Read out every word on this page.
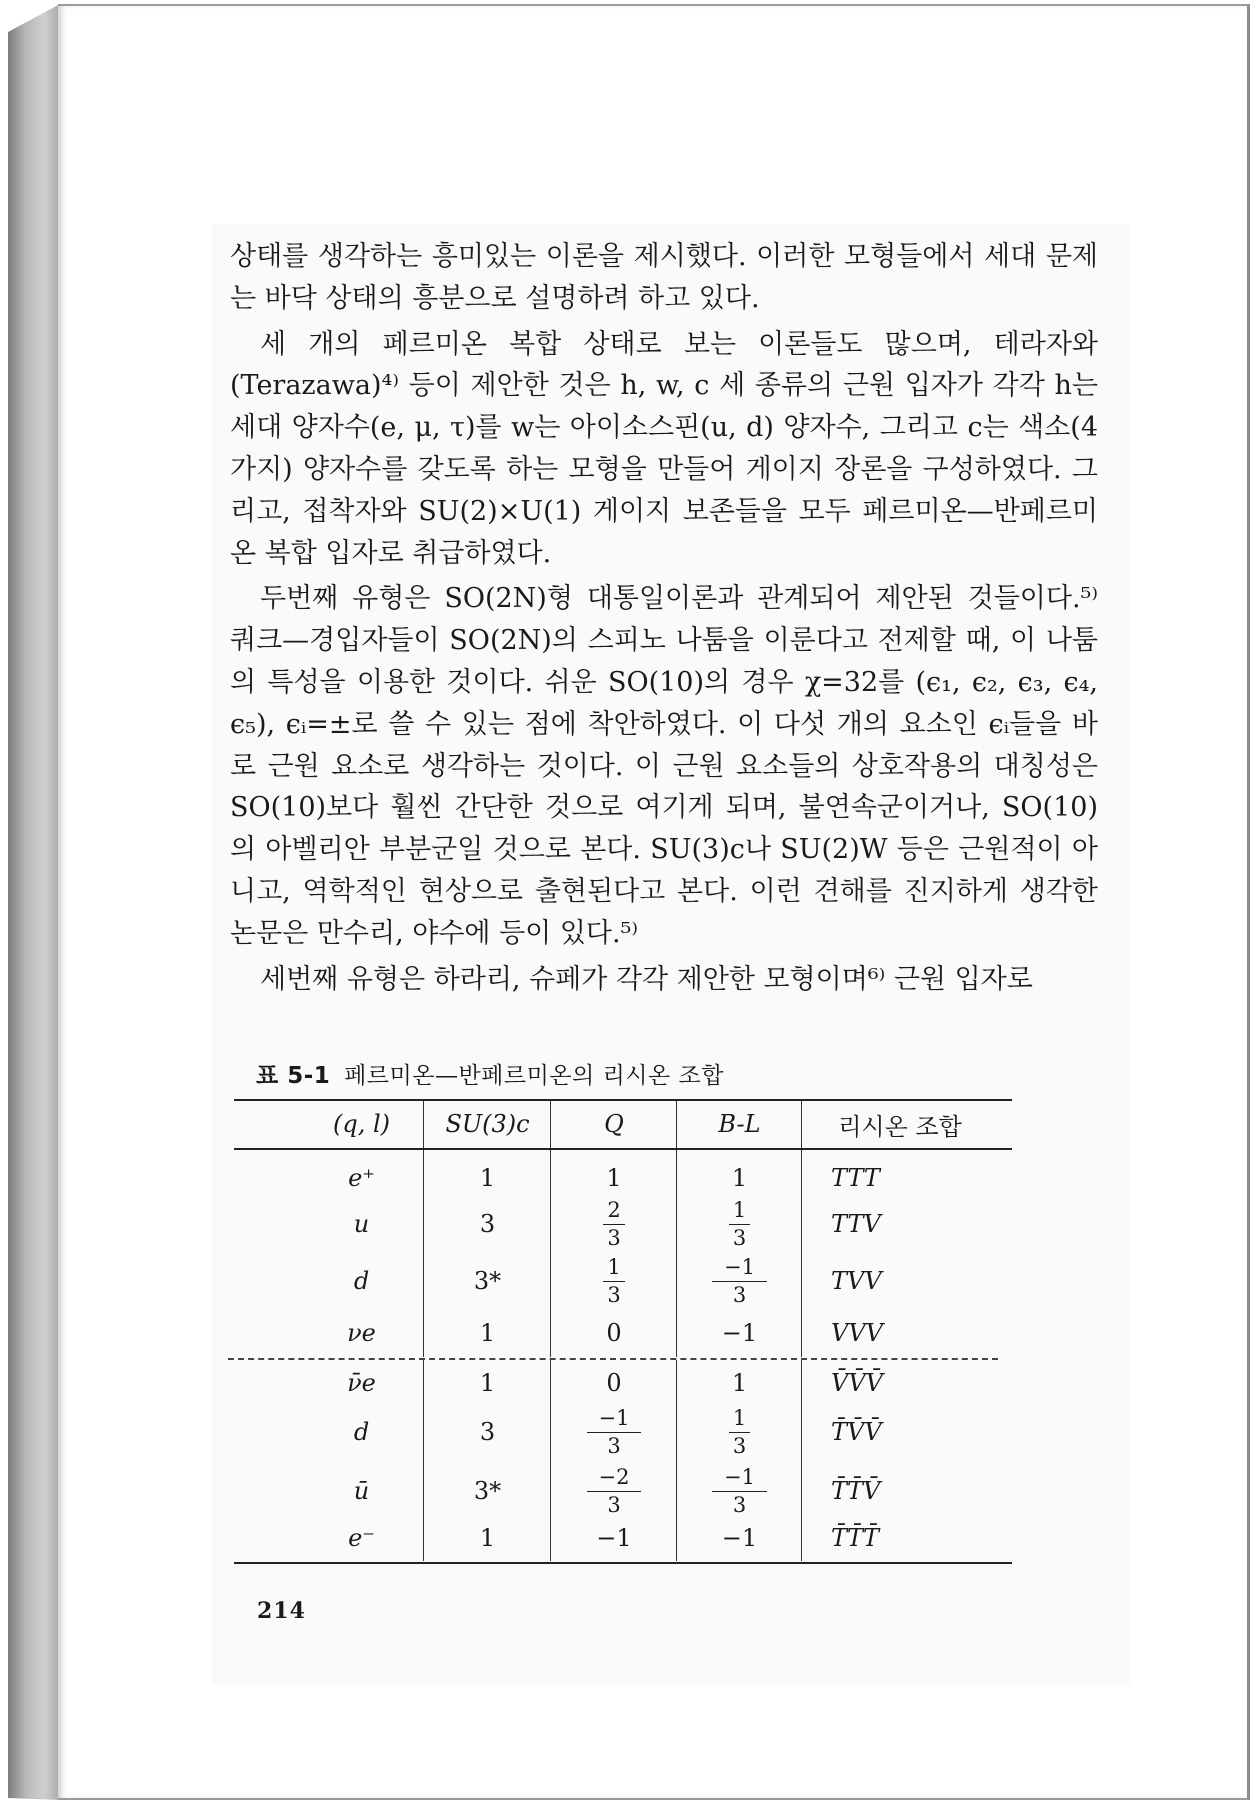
상태를 생각하는 흥미있는 이론을 제시했다. 이러한 모형들에서 세대 문제는 바닥 상태의 흥분으로 설명하려 하고 있다.

세 개의 페르미온 복합 상태로 보는 이론들도 많으며, 테라자와(Terazawa)⁴⁾ 등이 제안한 것은 h, w, c 세 종류의 근원 입자가 각각 h는 세대 양자수(e, μ, τ)를 w는 아이소스핀(u, d) 양자수, 그리고 c는 색소(4가지) 양자수를 갖도록 하는 모형을 만들어 게이지 장론을 구성하였다. 그리고, 접착자와 SU(2)×U(1) 게이지 보존들을 모두 페르미온—반페르미온 복합 입자로 취급하였다.

두번째 유형은 SO(2N)형 대통일이론과 관계되어 제안된 것들이다.⁵⁾ 쿼크—경입자들이 SO(2N)의 스피노 나툼을 이룬다고 전제할 때, 이 나툼의 특성을 이용한 것이다. 쉬운 SO(10)의 경우 χ=32를 (ϵ₁, ϵ₂, ϵ₃, ϵ₄, ϵ₅), ϵᵢ=±로 쓸 수 있는 점에 착안하였다. 이 다섯 개의 요소인 ϵᵢ들을 바로 근원 요소로 생각하는 것이다. 이 근원 요소들의 상호작용의 대칭성은 SO(10)보다 훨씬 간단한 것으로 여기게 되며, 불연속군이거나, SO(10)의 아벨리안 부분군일 것으로 본다. SU(3)c나 SU(2)W 등은 근원적이 아니고, 역학적인 현상으로 출현된다고 본다. 이런 견해를 진지하게 생각한 논문은 만수리, 야수에 등이 있다.⁵⁾

세번째 유형은 하라리, 슈페가 각각 제안한 모형이며⁶⁾ 근원 입자로

표 5-1 페르미온—반페르미온의 리시온 조합
(q, l)	SU(3)c	Q	B-L	리시온 조합
e⁺	1	1	1	TTT
u	3	$\frac{2}{3}$	$\frac{1}{3}$	TTV
d	3*	$\frac{1}{3}$	$\frac{-1}{3}$	TVV
νe	1	0	−1	VVV
ν̄e	1	0	1	V̄V̄V̄
d	3	$\frac{-1}{3}$	$\frac{1}{3}$	T̄V̄V̄
ū	3*	$\frac{-2}{3}$	$\frac{-1}{3}$	T̄T̄V̄
e⁻	1	−1	−1	T̄T̄T̄
214
